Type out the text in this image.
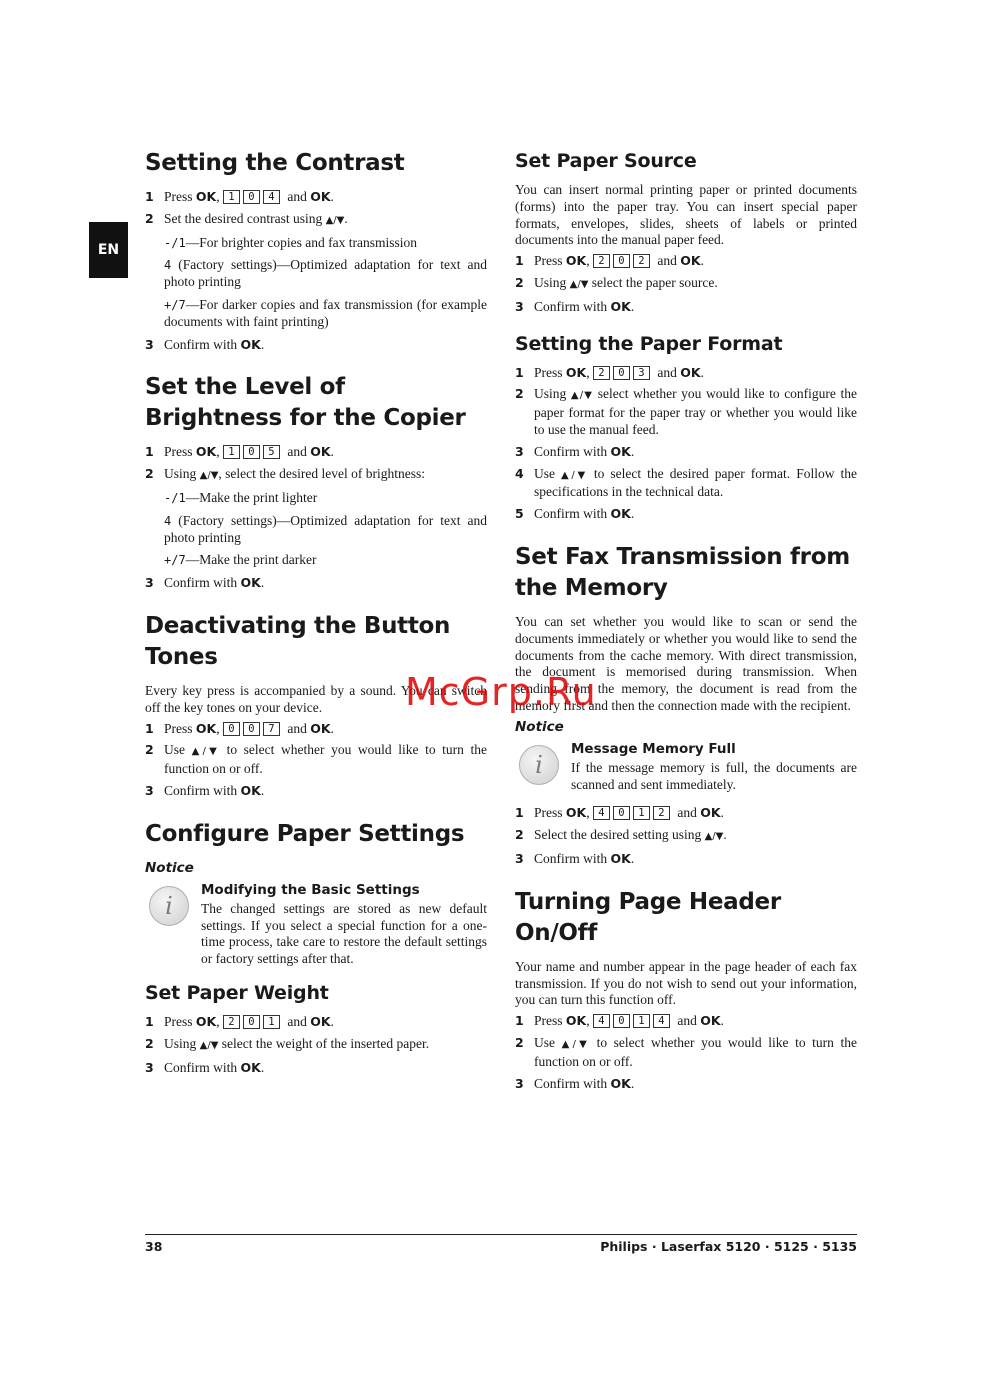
EN
Setting the Contrast
1 Press OK, 1 0 4 and OK.
2 Set the desired contrast using ▲/▼.
-/1—For brighter copies and fax transmission
4 (Factory settings)—Optimized adaptation for text and photo printing
+/7—For darker copies and fax transmission (for example documents with faint printing)
3 Confirm with OK.
Set the Level of Brightness for the Copier
1 Press OK, 1 0 5 and OK.
2 Using ▲/▼, select the desired level of brightness:
-/1—Make the print lighter
4 (Factory settings)—Optimized adaptation for text and photo printing
+/7—Make the print darker
3 Confirm with OK.
Deactivating the Button Tones

Every key press is accompanied by a sound. You can switch off the key tones on your device.

1 Press OK, 0 0 7 and OK.
2 Use ▲/▼ to select whether you would like to turn the function on or off.
3 Confirm with OK.
Configure Paper Settings
Notice
i
Modifying the Basic Settings
The changed settings are stored as new default settings. If you select a special function for a one-time process, take care to restore the default settings or factory settings after that.
Set Paper Weight
1 Press OK, 2 0 1 and OK.
2 Using ▲/▼ select the weight of the inserted paper.
3 Confirm with OK.
Set Paper Source

You can insert normal printing paper or printed documents (forms) into the paper tray. You can insert special paper formats, envelopes, slides, sheets of labels or printed documents into the manual paper feed.

1 Press OK, 2 0 2 and OK.
2 Using ▲/▼ select the paper source.
3 Confirm with OK.
Setting the Paper Format
1 Press OK, 2 0 3 and OK.
2 Using ▲/▼ select whether you would like to configure the paper format for the paper tray or whether you would like to use the manual feed.
3 Confirm with OK.
4 Use ▲/▼ to select the desired paper format. Follow the specifications in the technical data.
5 Confirm with OK.
Set Fax Transmission from the Memory

You can set whether you would like to scan or send the documents immediately or whether you would like to send the documents from the cache memory. With direct transmission, the document is memorised during transmission. When sending from the memory, the document is read from the memory first and then the connection made with the recipient.

Notice
i
Message Memory Full
If the message memory is full, the documents are scanned and sent immediately.
1 Press OK, 4 0 1 2 and OK.
2 Select the desired setting using ▲/▼.
3 Confirm with OK.
Turning Page Header On/Off

Your name and number appear in the page header of each fax transmission. If you do not wish to send out your information, you can turn this function off.

1 Press OK, 4 0 1 4 and OK.
2 Use ▲/▼ to select whether you would like to turn the function on or off.
3 Confirm with OK.
38	Philips · Laserfax 5120 · 5125 · 5135
McGrp.Ru
